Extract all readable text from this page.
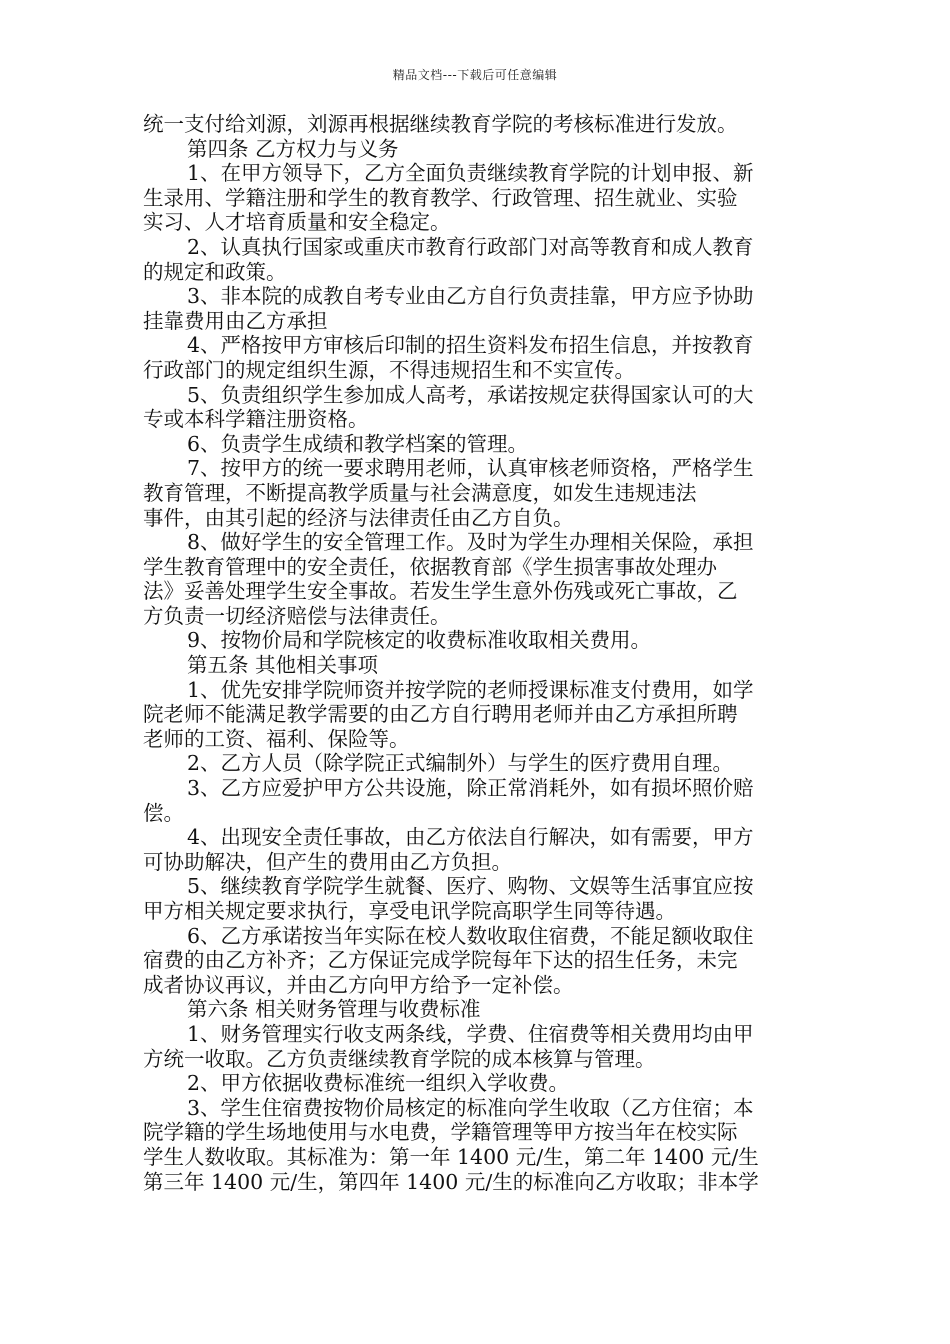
精品文档---下载后可任意编辑
统一支付给刘源，刘源再根据继续教育学院的考核标准进行发放。
第四条 乙方权力与义务
1、在甲方领导下，乙方全面负责继续教育学院的计划申报、新
生录用、学籍注册和学生的教育教学、行政管理、招生就业、实验
实习、人才培育质量和安全稳定。
2、认真执行国家或重庆市教育行政部门对高等教育和成人教育
的规定和政策。
3、非本院的成教自考专业由乙方自行负责挂靠，甲方应予协助
挂靠费用由乙方承担
4、严格按甲方审核后印制的招生资料发布招生信息，并按教育
行政部门的规定组织生源，不得违规招生和不实宣传。
5、负责组织学生参加成人高考，承诺按规定获得国家认可的大
专或本科学籍注册资格。
6、负责学生成绩和教学档案的管理。
7、按甲方的统一要求聘用老师，认真审核老师资格，严格学生
教育管理，不断提高教学质量与社会满意度，如发生违规违法
事件，由其引起的经济与法律责任由乙方自负。
8、做好学生的安全管理工作。及时为学生办理相关保险，承担
学生教育管理中的安全责任，依据教育部《学生损害事故处理办
法》妥善处理学生安全事故。若发生学生意外伤残或死亡事故，乙
方负责一切经济赔偿与法律责任。
9、按物价局和学院核定的收费标准收取相关费用。
第五条 其他相关事项
1、优先安排学院师资并按学院的老师授课标准支付费用，如学
院老师不能满足教学需要的由乙方自行聘用老师并由乙方承担所聘
老师的工资、福利、保险等。
2、乙方人员（除学院正式编制外）与学生的医疗费用自理。
3、乙方应爱护甲方公共设施，除正常消耗外，如有损坏照价赔
偿。
4、出现安全责任事故，由乙方依法自行解决，如有需要，甲方
可协助解决，但产生的费用由乙方负担。
5、继续教育学院学生就餐、医疗、购物、文娱等生活事宜应按
甲方相关规定要求执行，享受电讯学院高职学生同等待遇。
6、乙方承诺按当年实际在校人数收取住宿费，不能足额收取住
宿费的由乙方补齐；乙方保证完成学院每年下达的招生任务，未完
成者协议再议，并由乙方向甲方给予一定补偿。
第六条 相关财务管理与收费标准
1、财务管理实行收支两条线，学费、住宿费等相关费用均由甲
方统一收取。乙方负责继续教育学院的成本核算与管理。
2、甲方依据收费标准统一组织入学收费。
3、学生住宿费按物价局核定的标准向学生收取（乙方住宿；本
院学籍的学生场地使用与水电费，学籍管理等甲方按当年在校实际
学生人数收取。其标准为：第一年 1400 元/生，第二年 1400 元/生
第三年 1400 元/生，第四年 1400 元/生的标准向乙方收取；非本学
